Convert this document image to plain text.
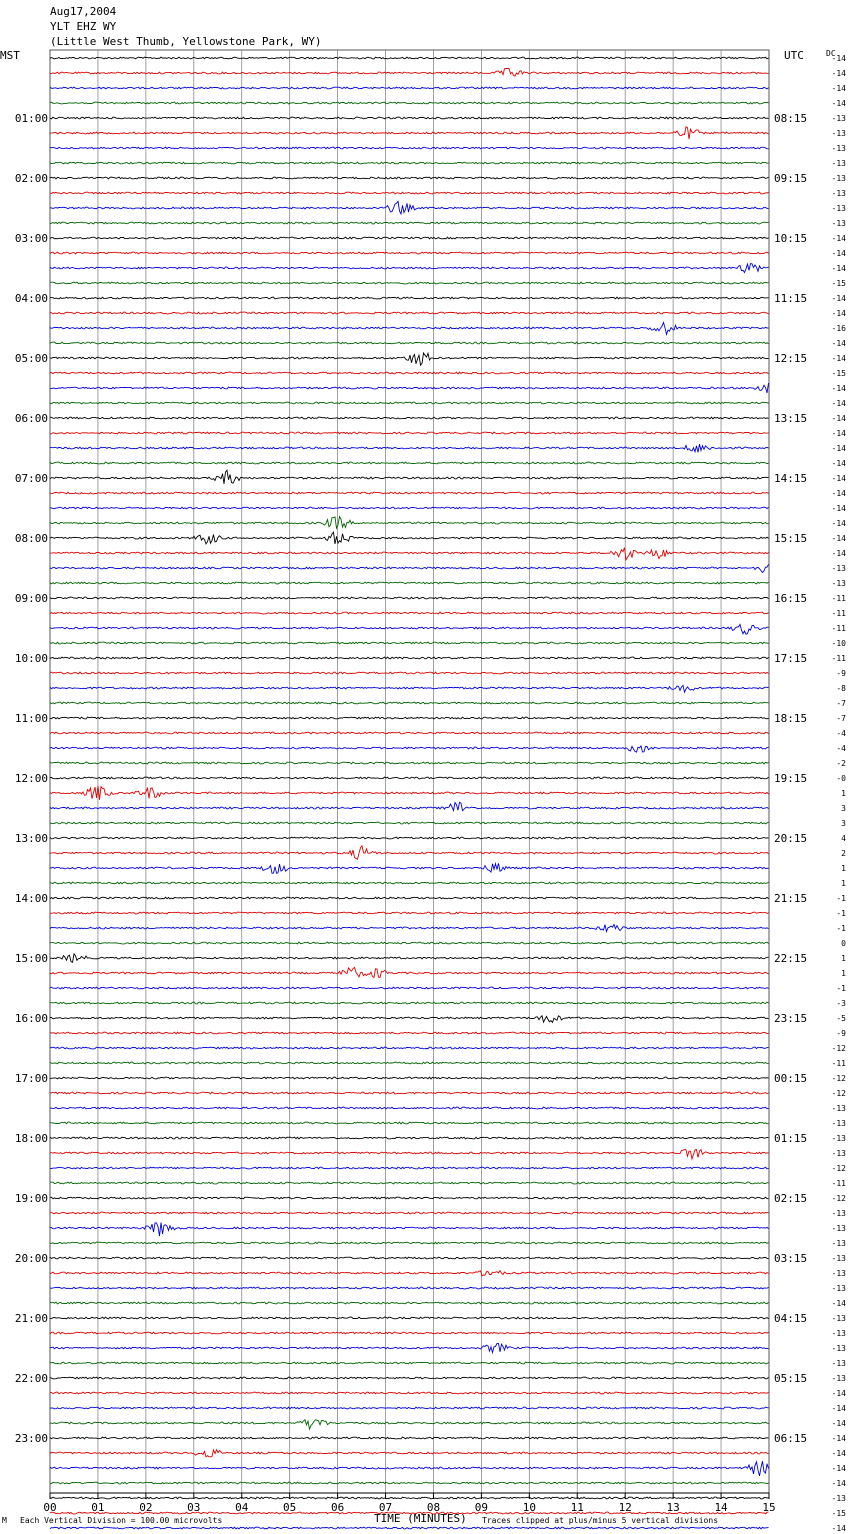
Aug17,2004
YLT EHZ WY
(Little West Thumb, Yellowstone Park, WY)
MST	UTC	DC
00	01	02	03	04	05	06	07	08	09	10	11	12	13	14	15
-14
-14
-14
-14
-13
-13
-13
-13
-13
-13
-13
-13
-14
-14
-14
-15
-14
-14
-16
-14
-14
-15
-14
-14
-14
-14
-14
-14
-14
-14
-14
-14
-14
-14
-13
-13
-11
-11
-11
-10
-11
-9
-8
-7
-7
-4
-4
-2
-0
1
3
3
4
2
1
1
-1
-1
-1
0
1
1
-1
-3
-5
-9
-12
-11
-12
-12
-13
-13
-13
-13
-12
-11
-12
-13
-13
-13
-13
-13
-13
-14
-13
-13
-13
-13
-13
-14
-14
-14
-14
-14
-14
-14
-13
-15
-14
01:00
02:00
03:00
04:00
05:00
06:00
07:00
08:00
09:00
10:00
11:00
12:00
13:00
14:00
15:00
16:00
17:00
18:00
19:00
20:00
21:00
22:00
23:00
08:15
09:15
10:15
11:15
12:15
13:15
14:15
15:15
16:15
17:15
18:15
19:15
20:15
21:15
22:15
23:15
00:15
01:15
02:15
03:15
04:15
05:15
06:15
M Each Vertical Division = 100.00 microvolts	TIME (MINUTES) Traces clipped at plus/minus 5 vertical divisions
